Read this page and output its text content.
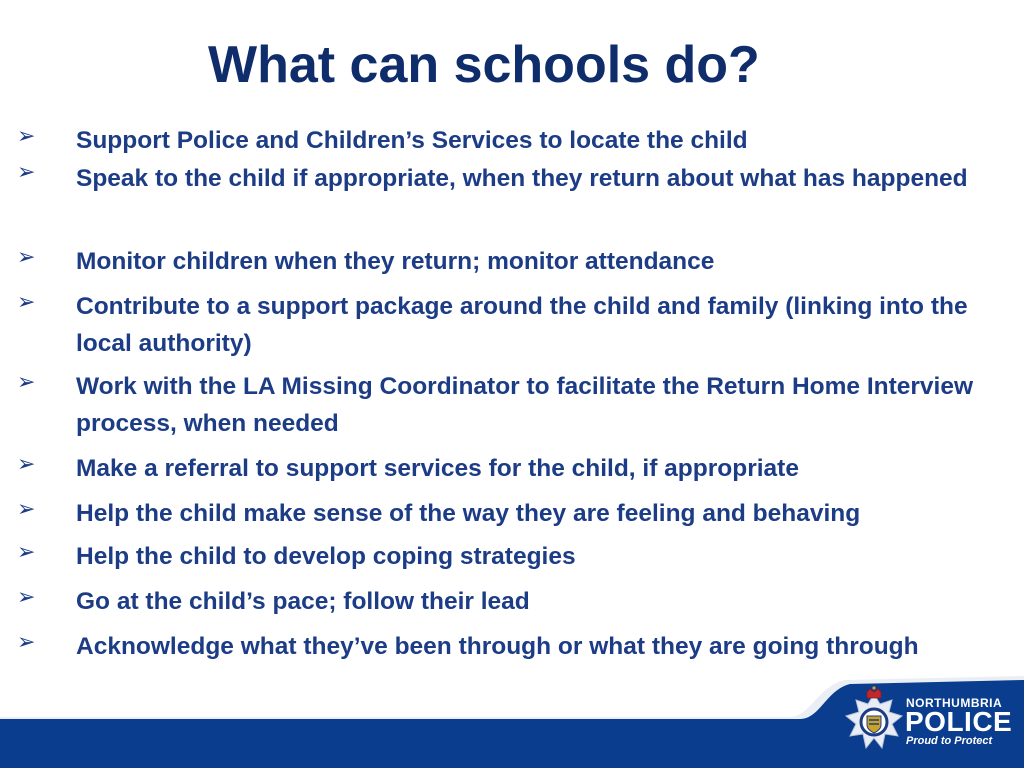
What can schools do?
➢ Support Police and Children’s Services to locate the child
➢ Speak to the child if appropriate, when they return about what has happened
➢ Monitor children when they return; monitor attendance
➢ Contribute to a support package around the child and family (linking into the local authority)
➢ Work with the LA Missing Coordinator to facilitate the Return Home Interview process, when needed
➢ Make a referral to support services for the child, if appropriate
➢ Help the child make sense of the way they are feeling and behaving
➢ Help the child to develop coping strategies
➢ Go at the child’s pace; follow their lead
➢ Acknowledge what they’ve been through or what they are going through
NORTHUMBRIA
POLICE
Proud to Protect
